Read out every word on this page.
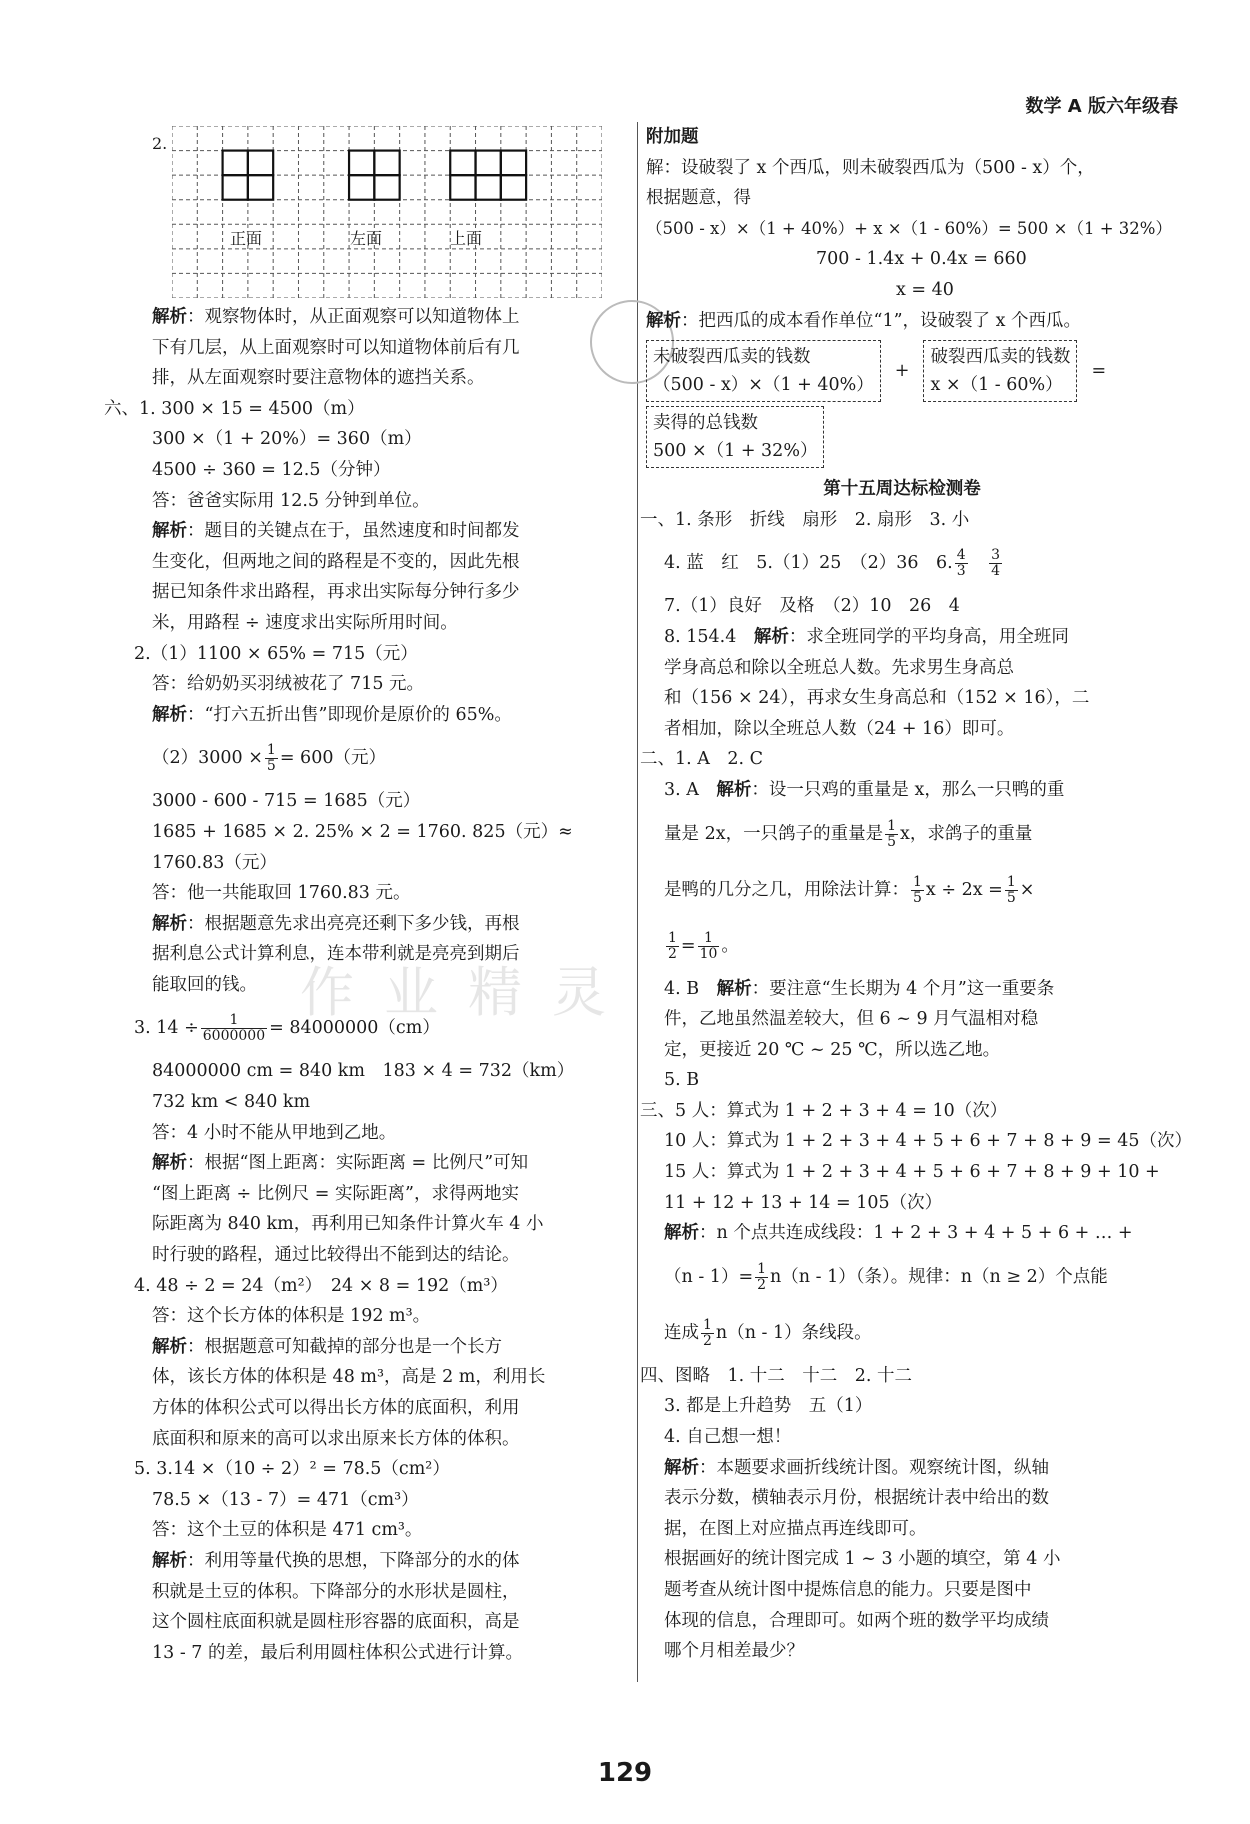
数学 A 版六年级春
作业精灵
2.
正面	左面	上面
解析：观察物体时，从正面观察可以知道物体上
下有几层，从上面观察时可以知道物体前后有几
排，从左面观察时要注意物体的遮挡关系。
六、1. 300 × 15 = 4500（m）
300 ×（1 + 20%）= 360（m）
4500 ÷ 360 = 12.5（分钟）
答：爸爸实际用 12.5 分钟到单位。
解析：题目的关键点在于，虽然速度和时间都发
生变化，但两地之间的路程是不变的，因此先根
据已知条件求出路程，再求出实际每分钟行多少
米，用路程 ÷ 速度求出实际所用时间。
2.（1）1100 × 65% = 715（元）
答：给奶奶买羽绒被花了 715 元。
解析：“打六五折出售”即现价是原价的 65%。
$(2)3000 \times \frac{1}{5} = 600$（元）
3000 - 600 - 715 = 1685（元）
1685 + 1685 × 2. 25% × 2 = 1760. 825（元）≈
1760.83（元）
答：他一共能取回 1760.83 元。
解析：根据题意先求出亮亮还剩下多少钱，再根
据利息公式计算利息，连本带利就是亮亮到期后
能取回的钱。
3. $14 \div \frac{1}{6000000} = 84000000(cm)$
84000000 cm = 840 km　183 × 4 = 732（km）
732 km < 840 km
答：4 小时不能从甲地到乙地。
解析：根据“图上距离：实际距离 = 比例尺”可知
“图上距离 ÷ 比例尺 = 实际距离”，求得两地实
际距离为 840 km，再利用已知条件计算火车 4 小
时行驶的路程，通过比较得出不能到达的结论。
4. 48 ÷ 2 = 24（m²）　24 × 8 = 192（m³）
答：这个长方体的体积是 192 m³。
解析：根据题意可知截掉的部分也是一个长方
体，该长方体的体积是 48 m³，高是 2 m，利用长
方体的体积公式可以得出长方体的底面积，利用
底面积和原来的高可以求出原来长方体的体积。
5. 3.14 ×（10 ÷ 2）² = 78.5（cm²）
78.5 ×（13 - 7）= 471（cm³）
答：这个土豆的体积是 471 cm³。
解析：利用等量代换的思想，下降部分的水的体
积就是土豆的体积。下降部分的水形状是圆柱，
这个圆柱底面积就是圆柱形容器的底面积，高是
13 - 7 的差，最后利用圆柱体积公式进行计算。
附加题
解：设破裂了 x 个西瓜，则未破裂西瓜为（500 - x）个，
根据题意，得
（500 - x）×（1 + 40%）+ x ×（1 - 60%）= 500 ×（1 + 32%）
700 - 1.4x + 0.4x = 660
x = 40
解析：把西瓜的成本看作单位“1”，设破裂了 x 个西瓜。
未破裂西瓜卖的钱数
（500 - x）×（1 + 40%）
+
破裂西瓜卖的钱数
x ×（1 - 60%）
=
卖得的总钱数
500 ×（1 + 32%）
第十五周达标检测卷
一、1. 条形　折线　扇形　2. 扇形　3. 小
4. 蓝　红　5.（1）25　（2）36　6. $\frac{4}{3}$
　 $\frac{3}{4}$
7.（1）良好　及格　（2）10　26　4
8. 154.4　 解析：求全班同学的平均身高，用全班同
学身高总和除以全班总人数。先求男生身高总
和（156 × 24），再求女生身高总和（152 × 16），二
者相加，除以全班总人数（24 + 16）即可。
二、1. A　2. C
3. A　 解析：设一只鸡的重量是 x，那么一只鸭的重
量是 2x，一只鸽子的重量是 $\frac{1}{5}$ x，求鸽子的重量
是鸭的几分之几，用除法计算： $\frac{1}{5}$ $x \div 2x = \frac{1}{5}$ ×
$\frac{1}{2} = \frac{1}{10}$ 。
4. B　 解析：要注意“生长期为 4 个月”这一重要条
件，乙地虽然温差较大，但 6 ~ 9 月气温相对稳
定，更接近 20 ℃ ~ 25 ℃，所以选乙地。
5. B
三、5 人：算式为 1 + 2 + 3 + 4 = 10（次）
10 人：算式为 1 + 2 + 3 + 4 + 5 + 6 + 7 + 8 + 9 = 45（次）
15 人：算式为 1 + 2 + 3 + 4 + 5 + 6 + 7 + 8 + 9 + 10 +
11 + 12 + 13 + 14 = 105（次）
解析：n 个点共连成线段：1 + 2 + 3 + 4 + 5 + 6 + … +
$(n - 1)= \frac{1}{2} n(n - 1)$（条）。规律：n（n ≥ 2）个点能
连成 $\frac{1}{2} n(n - 1)$条线段。
四、图略　1. 十二　十二　2. 十二
3. 都是上升趋势　五（1）
4. 自己想一想！
解析：本题要求画折线统计图。观察统计图，纵轴
表示分数，横轴表示月份，根据统计表中给出的数
据，在图上对应描点再连线即可。
根据画好的统计图完成 1 ~ 3 小题的填空，第 4 小
题考查从统计图中提炼信息的能力。只要是图中
体现的信息，合理即可。如两个班的数学平均成绩
哪个月相差最少？
129
